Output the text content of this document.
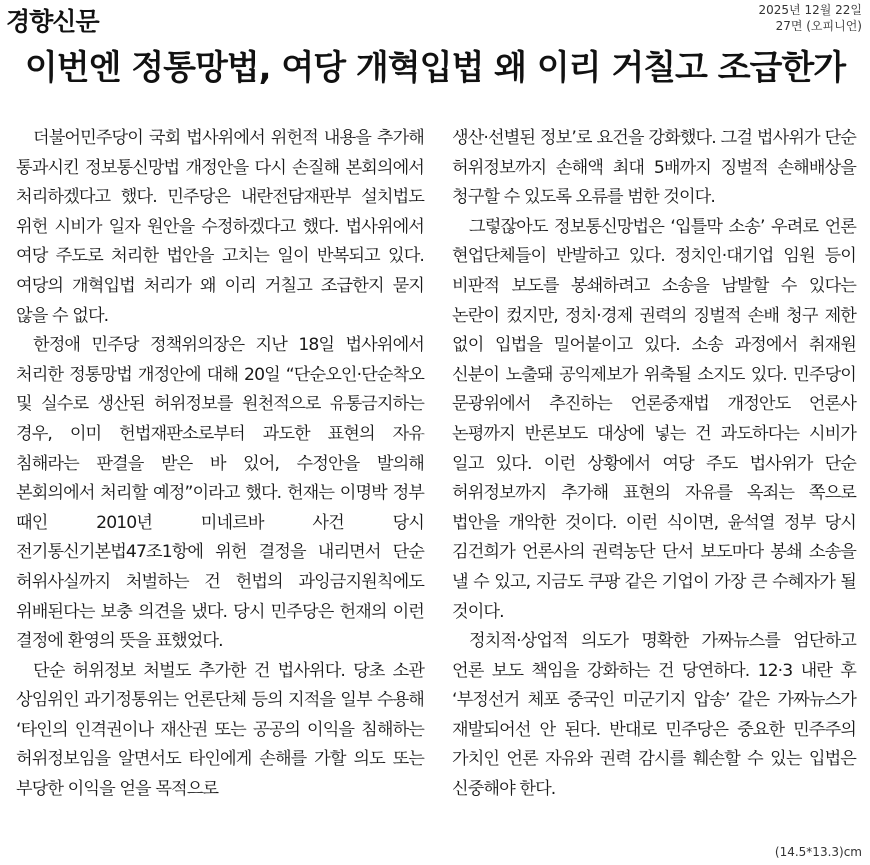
경향신문	2025년 12월 22일
27면 (오피니언)
이번엔 정통망법, 여당 개혁입법 왜 이리 거칠고 조급한가

더불어민주당이 국회 법사위에서 위헌적 내용을 추가해 통과시킨 정보통신망법 개정안을 다시 손질해 본회의에서 처리하겠다고 했다. 민주당은 내란전담재판부 설치법도 위헌 시비가 일자 원안을 수정하겠다고 했다. 법사위에서 여당 주도로 처리한 법안을 고치는 일이 반복되고 있다. 여당의 개혁입법 처리가 왜 이리 거칠고 조급한지 묻지 않을 수 없다.

한정애 민주당 정책위의장은 지난 18일 법사위에서 처리한 정통망법 개정안에 대해 20일 “단순오인·단순착오 및 실수로 생산된 허위정보를 원천적으로 유통금지하는 경우, 이미 헌법재판소로부터 과도한 표현의 자유 침해라는 판결을 받은 바 있어, 수정안을 발의해 본회의에서 처리할 예정”이라고 했다. 헌재는 이명박 정부 때인 2010년 미네르바 사건 당시 전기통신기본법47조1항에 위헌 결정을 내리면서 단순 허위사실까지 처벌하는 건 헌법의 과잉금지원칙에도 위배된다는 보충 의견을 냈다. 당시 민주당은 헌재의 이런 결정에 환영의 뜻을 표했었다.

단순 허위정보 처벌도 추가한 건 법사위다. 당초 소관 상임위인 과기정통위는 언론단체 등의 지적을 일부 수용해 ‘타인의 인격권이나 재산권 또는 공공의 이익을 침해하는 허위정보임을 알면서도 타인에게 손해를 가할 의도 또는 부당한 이익을 얻을 목적으로

생산·선별된 정보’로 요건을 강화했다. 그걸 법사위가 단순 허위정보까지 손해액 최대 5배까지 징벌적 손해배상을 청구할 수 있도록 오류를 범한 것이다.

그렇잖아도 정보통신망법은 ‘입틀막 소송’ 우려로 언론 현업단체들이 반발하고 있다. 정치인·대기업 임원 등이 비판적 보도를 봉쇄하려고 소송을 남발할 수 있다는 논란이 컸지만, 정치·경제 권력의 징벌적 손배 청구 제한 없이 입법을 밀어붙이고 있다. 소송 과정에서 취재원 신분이 노출돼 공익제보가 위축될 소지도 있다. 민주당이 문광위에서 추진하는 언론중재법 개정안도 언론사 논평까지 반론보도 대상에 넣는 건 과도하다는 시비가 일고 있다. 이런 상황에서 여당 주도 법사위가 단순 허위정보까지 추가해 표현의 자유를 옥죄는 쪽으로 법안을 개악한 것이다. 이런 식이면, 윤석열 정부 당시 김건희가 언론사의 권력농단 단서 보도마다 봉쇄 소송을 낼 수 있고, 지금도 쿠팡 같은 기업이 가장 큰 수혜자가 될 것이다.

정치적·상업적 의도가 명확한 가짜뉴스를 엄단하고 언론 보도 책임을 강화하는 건 당연하다. 12·3 내란 후 ‘부정선거 체포 중국인 미군기지 압송’ 같은 가짜뉴스가 재발되어선 안 된다. 반대로 민주당은 중요한 민주주의 가치인 언론 자유와 권력 감시를 훼손할 수 있는 입법은 신중해야 한다.

(14.5*13.3)cm
